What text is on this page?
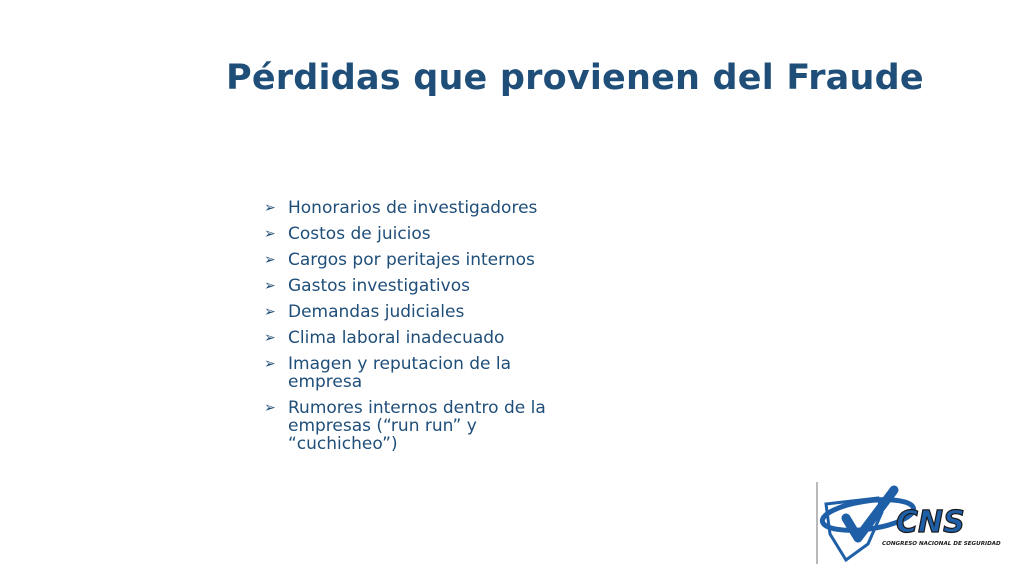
Pérdidas que provienen del Fraude
➢ Honorarios de investigadores
➢ Costos de juicios
➢ Cargos por peritajes internos
➢ Gastos investigativos
➢ Demandas judiciales
➢ Clima laboral inadecuado
➢ Imagen y reputacion de la empresa
➢ Rumores internos dentro de la empresas (“run run” y “cuchicheo”)
CNS
CONGRESO NACIONAL DE SEGURIDAD
